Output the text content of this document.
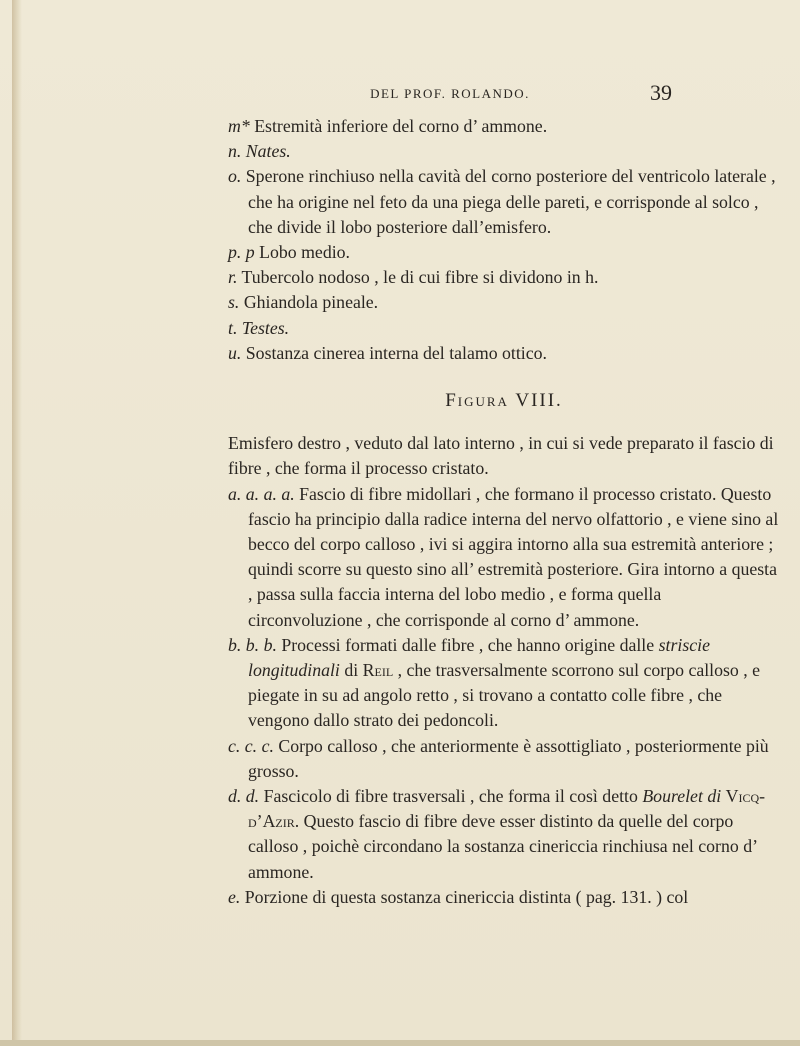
DEL PROF. ROLANDO.	39

m* Estremità inferiore del corno d’ ammone.

n. Nates.

o. Sperone rinchiuso nella cavità del corno posteriore del ventricolo laterale , che ha origine nel feto da una piega delle pareti, e corrisponde al solco , che divide il lobo posteriore dall’emisfero.

p. p Lobo medio.

r. Tubercolo nodoso , le di cui fibre si dividono in h.

s. Ghiandola pineale.

t. Testes.

u. Sostanza cinerea interna del talamo ottico.

Figura VIII.

Emisfero destro , veduto dal lato interno , in cui si vede preparato il fascio di fibre , che forma il processo cristato.

a. a. a. a. Fascio di fibre midollari , che formano il processo cristato. Questo fascio ha principio dalla radice interna del nervo olfattorio , e viene sino al becco del corpo calloso , ivi si aggira intorno alla sua estremità anteriore ; quindi scorre su questo sino all’ estremità posteriore. Gira intorno a questa , passa sulla faccia interna del lobo medio , e forma quella circonvoluzione , che corrisponde al corno d’ ammone.

b. b. b. Processi formati dalle fibre , che hanno origine dalle striscie longitudinali di Reil , che trasversalmente scorrono sul corpo calloso , e piegate in su ad angolo retto , si trovano a contatto colle fibre , che vengono dallo strato dei pedoncoli.

c. c. c. Corpo calloso , che anteriormente è assottigliato , posteriormente più grosso.

d. d. Fascicolo di fibre trasversali , che forma il così detto Bourelet di Vicq-d’Azir. Questo fascio di fibre deve esser distinto da quelle del corpo calloso , poichè circondano la sostanza cinericcia rinchiusa nel corno d’ ammone.

e. Porzione di questa sostanza cinericcia distinta ( pag. 131. ) col
